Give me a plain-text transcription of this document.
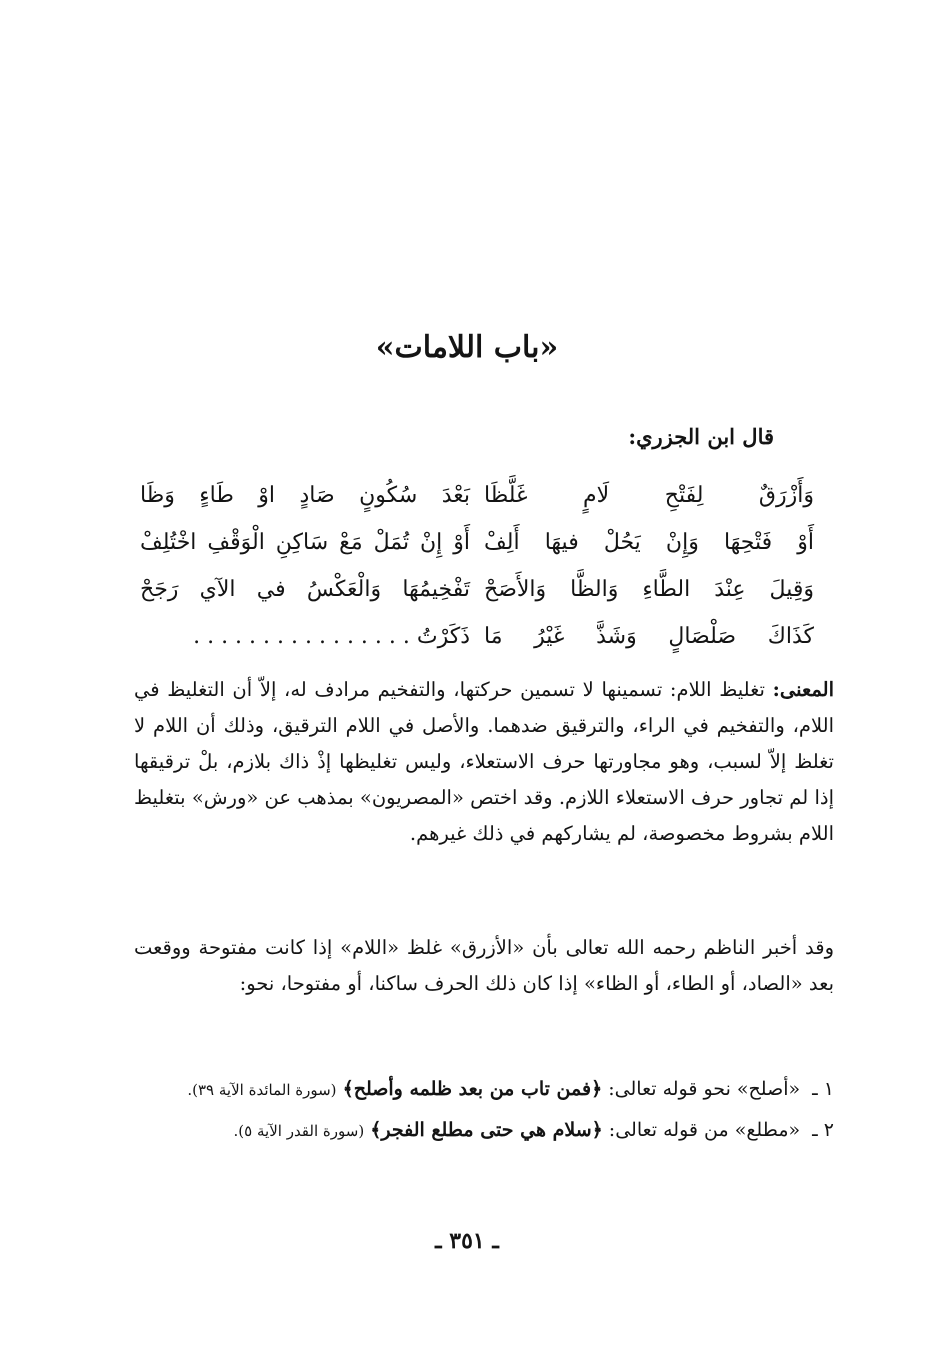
«باب اللامات»

قال ابن الجزري:

وَأَزْرَقٌ لِفَتْحِ لَامٍ غَلَّظَا
بَعْدَ سُكُونٍ صَادٍ اوْ طَاءٍ وَظَا
أَوْ فَتْحِهَا وَإِنْ يَحُلْ فيهَا أَلِفْ
أَوْ إِنْ تُمَلْ مَعْ سَاكِنِ الْوَقْفِ اخْتُلِفْ
وَقِيلَ عِنْدَ الطَّاءِ وَالظَّا وَالأَصَحْ
تَفْخِيمُهَا وَالْعَكْسُ في الآي رَجَحْ
كَذَاكَ صَلْصَالٍ وَشَذَّ غَيْرُ مَا
ذَكَرْتُ . . . . . . . . . . . . . . . .

المعنى: تغليظ اللام: تسمينها لا تسمين حركتها، والتفخيم مرادف له، إلاّ أن التغليظ في اللام، والتفخيم في الراء، والترقيق ضدهما. والأصل في اللام الترقيق، وذلك أن اللام لا تغلظ إلاّ لسبب، وهو مجاورتها حرف الاستعلاء، وليس تغليظها إذْ ذاك بلازم، بلْ ترقيقها إذا لم تجاور حرف الاستعلاء اللازم. وقد اختص «المصريون» بمذهب عن «ورش» بتغليظ اللام بشروط مخصوصة، لم يشاركهم في ذلك غيرهم.

وقد أخبر الناظم رحمه الله تعالى بأن «الأزرق» غلظ «اللام» إذا كانت مفتوحة ووقعت بعد «الصاد، أو الطاء، أو الظاء» إذا كان ذلك الحرف ساكنا، أو مفتوحا، نحو:

١ ـ «أصلح» نحو قوله تعالى: ﴿فمن تاب من بعد ظلمه وأصلح﴾ (سورة المائدة الآية ٣٩).
٢ ـ «مطلع» من قوله تعالى: ﴿سلام هي حتى مطلع الفجر﴾ (سورة القدر الآية ٥).

ـ ٣٥١ ـ
